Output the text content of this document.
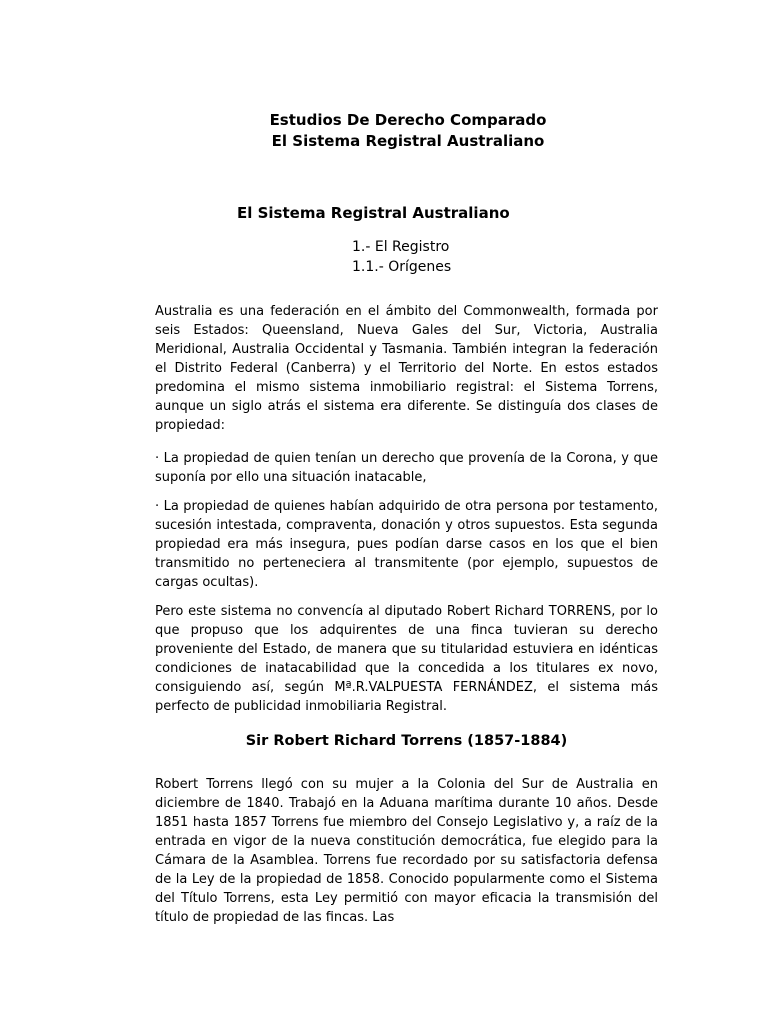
Estudios De Derecho Comparado
El Sistema Registral Australiano
El Sistema Registral Australiano
1.- El Registro
1.1.- Orígenes
Australia es una federación en el ámbito del Commonwealth, formada por seis Estados: Queensland, Nueva Gales del Sur, Victoria, Australia Meridional, Australia Occidental y Tasmania. También integran la federación el Distrito Federal (Canberra) y el Territorio del Norte. En estos estados predomina el mismo sistema inmobiliario registral: el Sistema Torrens, aunque un siglo atrás el sistema era diferente. Se distinguía dos clases de propiedad:
· La propiedad de quien tenían un derecho que provenía de la Corona, y que suponía por ello una situación inatacable,
· La propiedad de quienes habían adquirido de otra persona por testamento, sucesión intestada, compraventa, donación y otros supuestos. Esta segunda propiedad era más insegura, pues podían darse casos en los que el bien transmitido no perteneciera al transmitente (por ejemplo, supuestos de cargas ocultas).
Pero este sistema no convencía al diputado Robert Richard TORRENS, por lo que propuso que los adquirentes de una finca tuvieran su derecho proveniente del Estado, de manera que su titularidad estuviera en idénticas condiciones de inatacabilidad que la concedida a los titulares ex novo, consiguiendo así, según Mª.R.VALPUESTA FERNÁNDEZ, el sistema más perfecto de publicidad inmobiliaria Registral.
Sir Robert Richard Torrens (1857-1884)
Robert Torrens llegó con su mujer a la Colonia del Sur de Australia en diciembre de 1840. Trabajó en la Aduana marítima durante 10 años. Desde 1851 hasta 1857 Torrens fue miembro del Consejo Legislativo y, a raíz de la entrada en vigor de la nueva constitución democrática, fue elegido para la Cámara de la Asamblea. Torrens fue recordado por su satisfactoria defensa de la Ley de la propiedad de 1858. Conocido popularmente como el Sistema del Título Torrens, esta Ley permitió con mayor eficacia la transmisión del título de propiedad de las fincas. Las
